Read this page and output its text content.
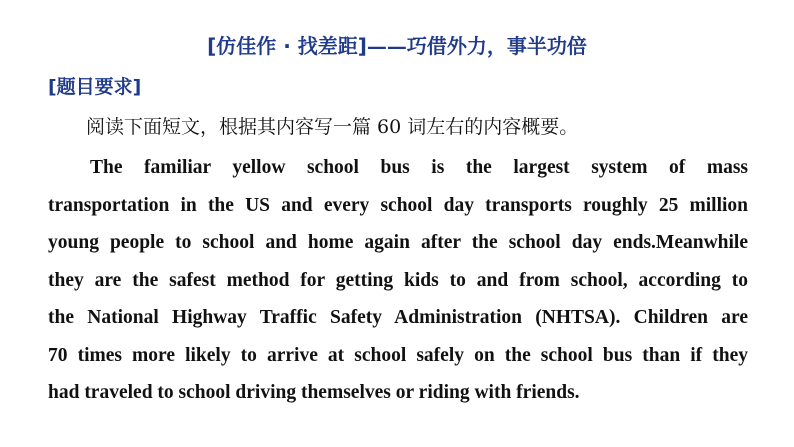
[仿佳作 · 找差距]——巧借外力，事半功倍
[题目要求]
阅读下面短文，根据其内容写一篇 60 词左右的内容概要。
The familiar yellow school bus is the largest system of mass
transportation in the US and every school day transports roughly 25 million
young people to school and home again after the school day ends.Meanwhile
they are the safest method for getting kids to and from school, according to
the National Highway Traffic Safety Administration (NHTSA). Children are
70 times more likely to arrive at school safely on the school bus than if they
had traveled to school driving themselves or riding with friends.
